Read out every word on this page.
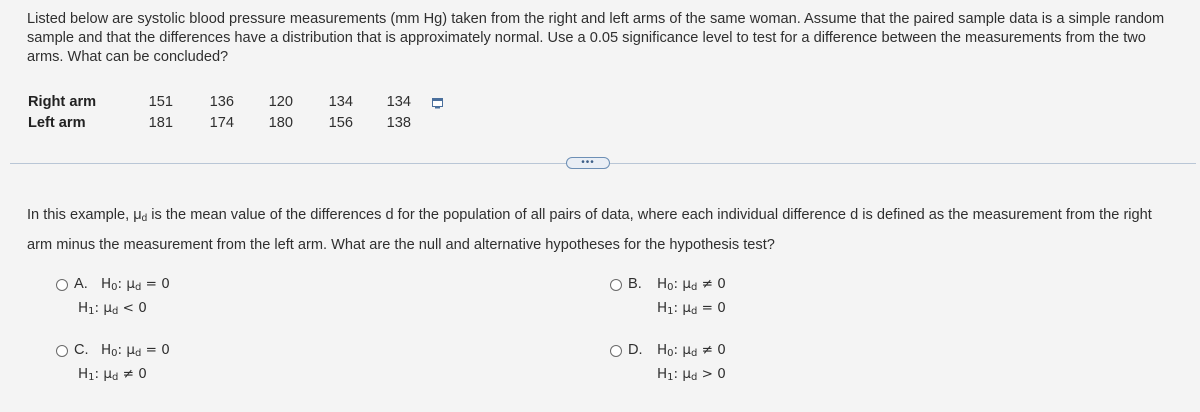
Listed below are systolic blood pressure measurements (mm Hg) taken from the right and left arms of the same woman. Assume that the paired sample data is a simple random sample and that the differences have a distribution that is approximately normal. Use a 0.05 significance level to test for a difference between the measurements from the two arms. What can be concluded?
Right arm	151	136	120	134	134
Left arm	181	174	180	156	138
•••
In this example, $\mu_d$ is the mean value of the differences d for the population of all pairs of data, where each individual difference d is defined as the measurement from the right arm minus the measurement from the left arm. What are the null and alternative hypotheses for the hypothesis test?
A. $H_0$: $\mu_d = 0$
$H_1$: $\mu_d < 0$
B. $H_0$: $\mu_d \ne 0$
$H_1$: $\mu_d = 0$
C. $H_0$: $\mu_d = 0$
$H_1$: $\mu_d \ne 0$
D. $H_0$: $\mu_d \ne 0$
$H_1$: $\mu_d > 0$
